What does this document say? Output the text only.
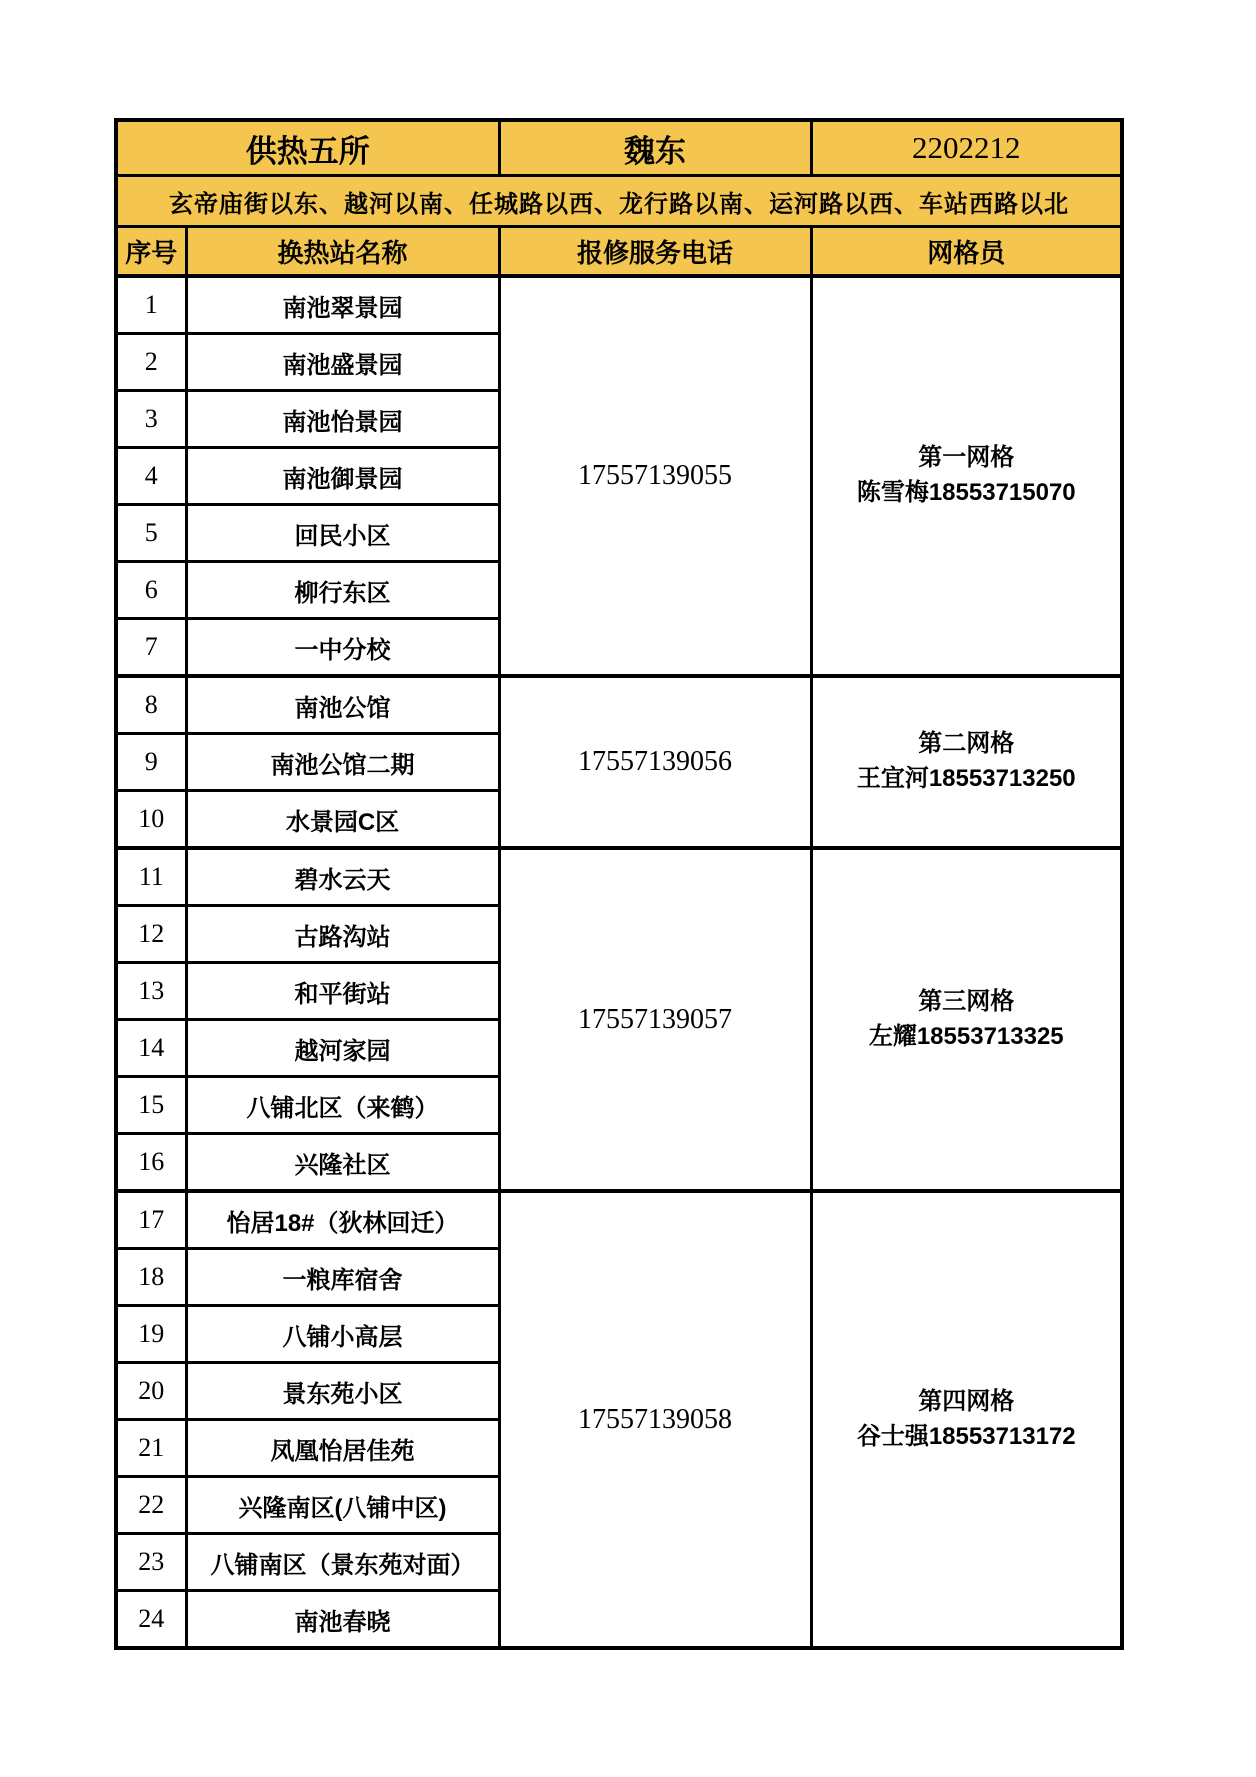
供热五所		魏东	2202212
玄帝庙街以东、越河以南、任城路以西、龙行路以南、运河路以西、车站西路以北			
序号	换热站名称	报修服务电话	网格员
1	南池翠景园	17557139055	第一网格
陈雪梅18553715070

2	南池盛景园		
3	南池怡景园		
4	南池御景园		
5	回民小区		
6	柳行东区		
7	一中分校		
8	南池公馆	17557139056	第二网格
王宜河18553713250

9	南池公馆二期		
10	水景园C区		
11	碧水云天	17557139057	第三网格
左耀18553713325

12	古路沟站		
13	和平街站		
14	越河家园		
15	八铺北区（来鹤）		
16	兴隆社区		
17	怡居18#（狄林回迁）	17557139058	第四网格
谷士强18553713172

18	一粮库宿舍		
19	八铺小高层		
20	景东苑小区		
21	凤凰怡居佳苑		
22	兴隆南区(八铺中区)		
23	八铺南区（景东苑对面）		
24	南池春晓		
